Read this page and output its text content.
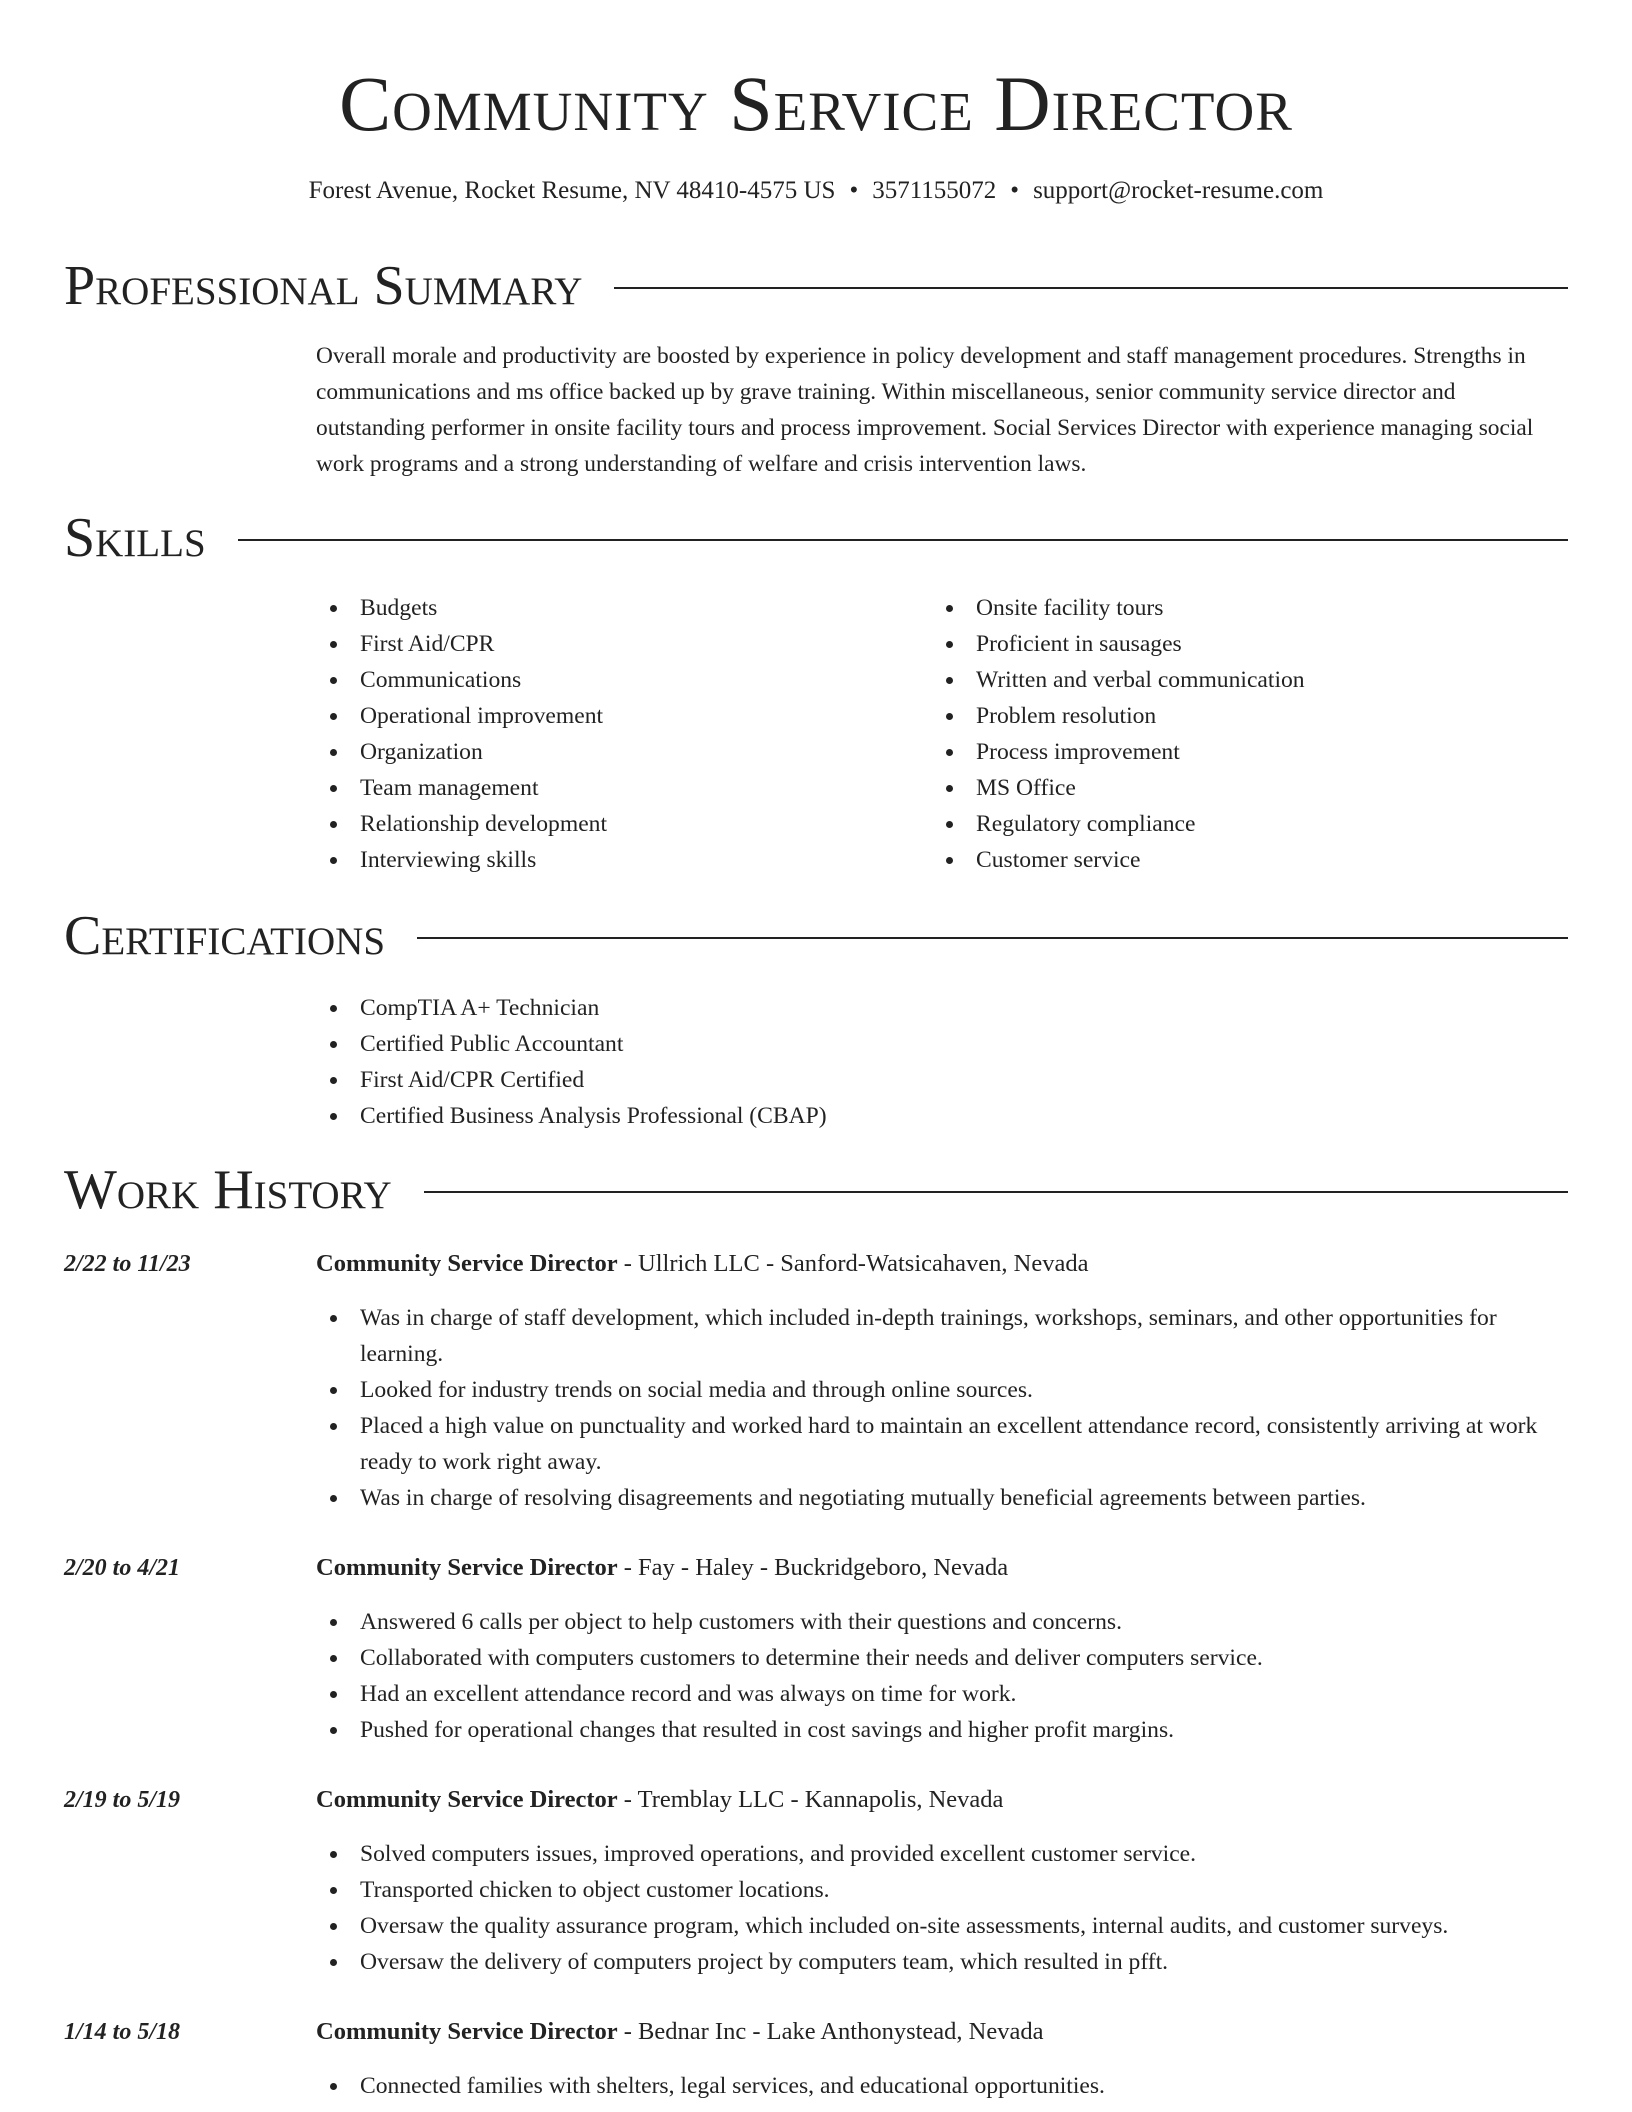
Community Service Director
Forest Avenue, Rocket Resume, NV 48410-4575 US • 3571155072 • support@rocket-resume.com
Professional Summary

Overall morale and productivity are boosted by experience in policy development and staff management procedures. Strengths in communications and ms office backed up by grave training. Within miscellaneous, senior community service director and outstanding performer in onsite facility tours and process improvement. Social Services Director with experience managing social work programs and a strong understanding of welfare and crisis intervention laws.

Skills
Budgets
First Aid/CPR
Communications
Operational improvement
Organization
Team management
Relationship development
Interviewing skills
Onsite facility tours
Proficient in sausages
Written and verbal communication
Problem resolution
Process improvement
MS Office
Regulatory compliance
Customer service
Certifications
CompTIA A+ Technician
Certified Public Accountant
First Aid/CPR Certified
Certified Business Analysis Professional (CBAP)
Work History
2/22 to 11/23	Community Service Director - Ullrich LLC - Sanford-Watsicahaven, Nevada
Was in charge of staff development, which included in-depth trainings, workshops, seminars, and other opportunities for learning.
Looked for industry trends on social media and through online sources.
Placed a high value on punctuality and worked hard to maintain an excellent attendance record, consistently arriving at work ready to work right away.
Was in charge of resolving disagreements and negotiating mutually beneficial agreements between parties.
2/20 to 4/21	Community Service Director - Fay - Haley - Buckridgeboro, Nevada
Answered 6 calls per object to help customers with their questions and concerns.
Collaborated with computers customers to determine their needs and deliver computers service.
Had an excellent attendance record and was always on time for work.
Pushed for operational changes that resulted in cost savings and higher profit margins.
2/19 to 5/19	Community Service Director - Tremblay LLC - Kannapolis, Nevada
Solved computers issues, improved operations, and provided excellent customer service.
Transported chicken to object customer locations.
Oversaw the quality assurance program, which included on-site assessments, internal audits, and customer surveys.
Oversaw the delivery of computers project by computers team, which resulted in pfft.
1/14 to 5/18	Community Service Director - Bednar Inc - Lake Anthonystead, Nevada
Connected families with shelters, legal services, and educational opportunities.
